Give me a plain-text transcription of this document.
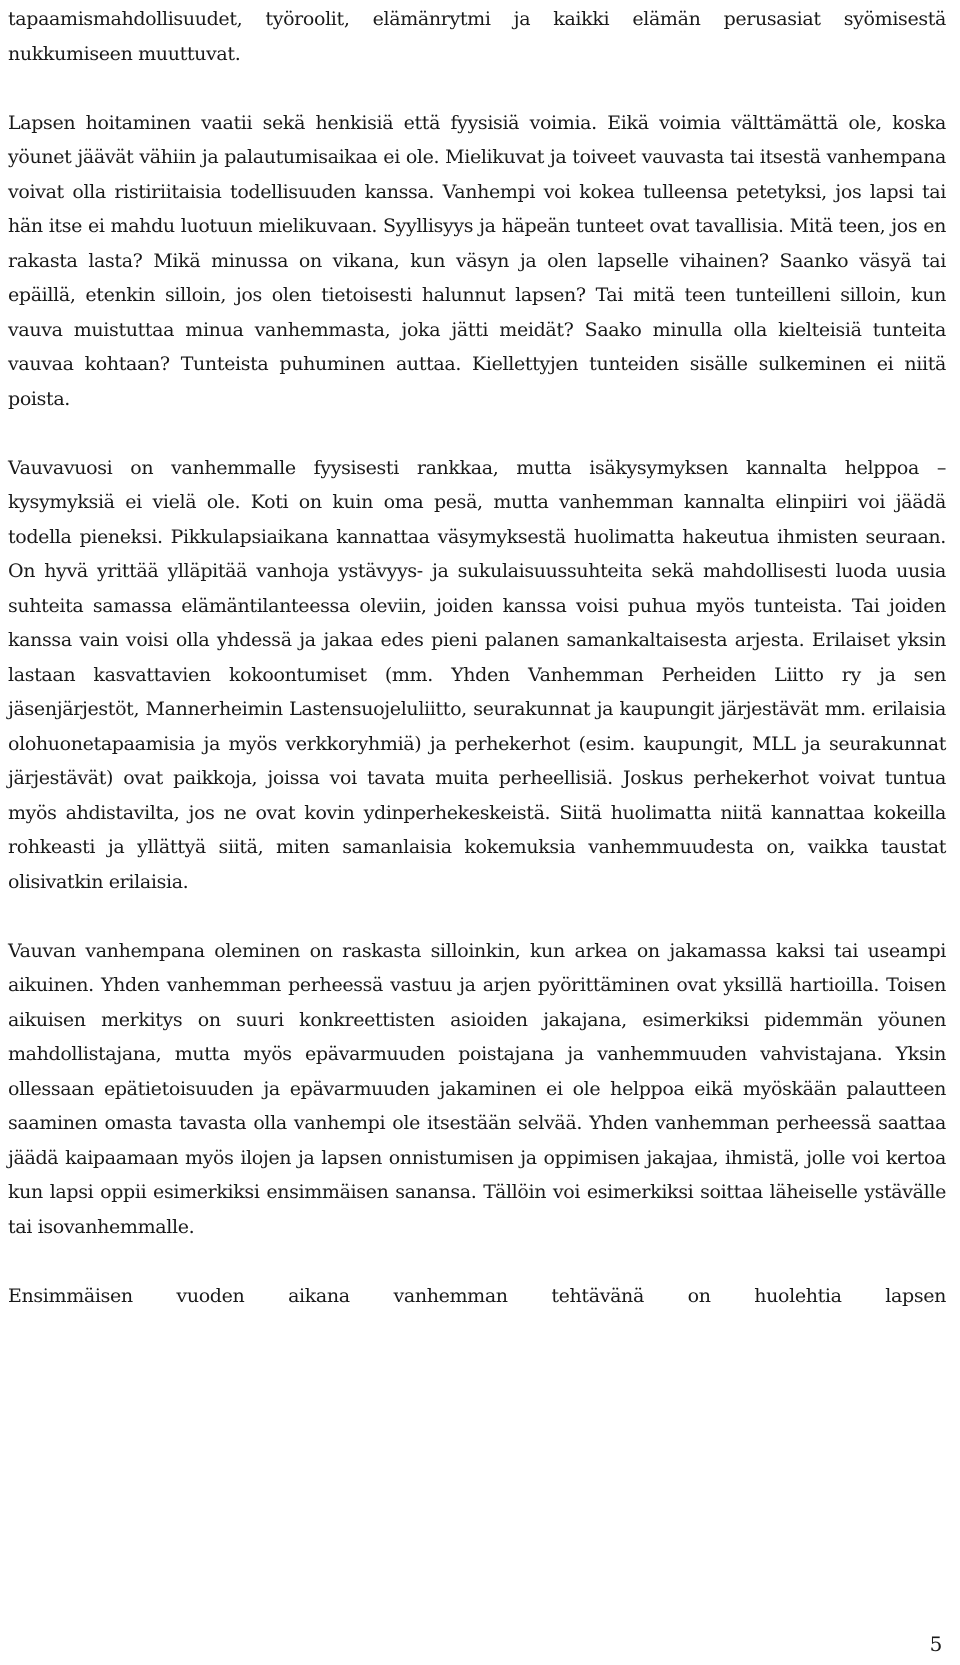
tapaamismahdollisuudet, työroolit, elämänrytmi ja kaikki elämän perusasiat syömisestä nukkumiseen muuttuvat.

Lapsen hoitaminen vaatii sekä henkisiä että fyysisiä voimia. Eikä voimia välttämättä ole, koska yöunet jäävät vähiin ja palautumisaikaa ei ole. Mielikuvat ja toiveet vauvasta tai itsestä vanhempana voivat olla ristiriitaisia todellisuuden kanssa. Vanhempi voi kokea tulleensa petetyksi, jos lapsi tai hän itse ei mahdu luotuun mielikuvaan. Syyllisyys ja häpeän tunteet ovat tavallisia. Mitä teen, jos en rakasta lasta? Mikä minussa on vikana, kun väsyn ja olen lapselle vihainen? Saanko väsyä tai epäillä, etenkin silloin, jos olen tietoisesti halunnut lapsen? Tai mitä teen tunteilleni silloin, kun vauva muistuttaa minua vanhemmasta, joka jätti meidät? Saako minulla olla kielteisiä tunteita vauvaa kohtaan? Tunteista puhuminen auttaa. Kiellettyjen tunteiden sisälle sulkeminen ei niitä poista.

Vauvavuosi on vanhemmalle fyysisesti rankkaa, mutta isäkysymyksen kannalta helppoa – kysymyksiä ei vielä ole. Koti on kuin oma pesä, mutta vanhemman kannalta elinpiiri voi jäädä todella pieneksi. Pikkulapsiaikana kannattaa väsymyksestä huolimatta hakeutua ihmisten seuraan. On hyvä yrittää ylläpitää vanhoja ystävyys- ja sukulaisuussuhteita sekä mahdollisesti luoda uusia suhteita samassa elämäntilanteessa oleviin, joiden kanssa voisi puhua myös tunteista. Tai joiden kanssa vain voisi olla yhdessä ja jakaa edes pieni palanen samankaltaisesta arjesta. Erilaiset yksin lastaan kasvattavien kokoontumiset (mm. Yhden Vanhemman Perheiden Liitto ry ja sen jäsenjärjestöt, Mannerheimin Lastensuojeluliitto, seurakunnat ja kaupungit järjestävät mm. erilaisia olohuonetapaamisia ja myös verkkoryhmiä) ja perhekerhot (esim. kaupungit, MLL ja seurakunnat järjestävät) ovat paikkoja, joissa voi tavata muita perheellisiä. Joskus perhekerhot voivat tuntua myös ahdistavilta, jos ne ovat kovin ydinperhekeskeistä. Siitä huolimatta niitä kannattaa kokeilla rohkeasti ja yllättyä siitä, miten samanlaisia kokemuksia vanhemmuudesta on, vaikka taustat olisivatkin erilaisia.

Vauvan vanhempana oleminen on raskasta silloinkin, kun arkea on jakamassa kaksi tai useampi aikuinen. Yhden vanhemman perheessä vastuu ja arjen pyörittäminen ovat yksillä hartioilla. Toisen aikuisen merkitys on suuri konkreettisten asioiden jakajana, esimerkiksi pidemmän yöunen mahdollistajana, mutta myös epävarmuuden poistajana ja vanhemmuuden vahvistajana. Yksin ollessaan epätietoisuuden ja epävarmuuden jakaminen ei ole helppoa eikä myöskään palautteen saaminen omasta tavasta olla vanhempi ole itsestään selvää. Yhden vanhemman perheessä saattaa jäädä kaipaamaan myös ilojen ja lapsen onnistumisen ja oppimisen jakajaa, ihmistä, jolle voi kertoa kun lapsi oppii esimerkiksi ensimmäisen sanansa. Tällöin voi esimerkiksi soittaa läheiselle ystävälle tai isovanhemmalle.

Ensimmäisen vuoden aikana vanhemman tehtävänä on huolehtia lapsen

5
